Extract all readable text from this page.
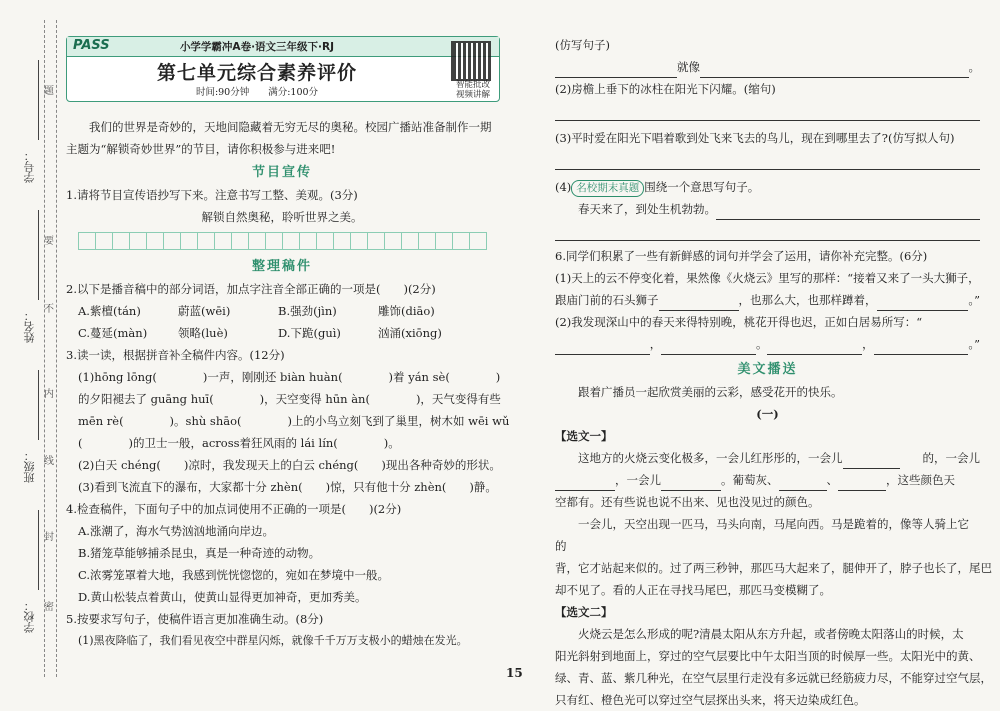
学号：
姓名：
班级：
学校：
题
要
不
内
线
封
密
PASS	小学学霸冲A卷·语文三年级下·RJ
第七单元综合素养评价
时间:90分钟　　满分:100分
智能批改
视频讲解

我们的世界是奇妙的，天地间隐藏着无穷无尽的奥秘。校园广播站准备制作一期主题为“解锁奇妙世界”的节目，请你积极参与进来吧!

节目宣传

1.请将节目宣传语抄写下来。注意书写工整、美观。(3分)

解锁自然奥秘，聆听世界之美。

整理稿件

2.以下是播音稿中的部分词语，加点字注音全部正确的一项是(　　)(2分)

A.紫檀(tán)	蔚蓝(wēi)	B.强劲(jìn)	雕饰(diāo)

C.蔓延(màn)	领略(luè)	D.下跪(guì)	汹涌(xiōng)

3.读一读，根据拼音补全稿件内容。(12分)

(1)hōng lōng(　　　　)一声，刚刚还 biàn huàn(　　　　)着 yán sè(　　　　)

的夕阳褪去了 guāng huī(　　　　)，天空变得 hūn àn(　　　　)，天气变得有些

mēn rè(　　　　)。shù shāo(　　　　)上的小鸟立刻飞到了巢里，树木如 wēi wǔ

(　　　　)的卫士一般，across着狂风雨的 lái lín(　　　　)。

(2)白天 chéng(　　)凉时，我发现天上的白云 chéng(　　)现出各种奇妙的形状。

(3)看到飞流直下的瀑布，大家都十分 zhèn(　　)惊，只有他十分 zhèn(　　)静。

4.检查稿件，下面句子中的加点词使用不正确的一项是(　　)(2分)

A.涨潮了，海水气势汹汹地涌向岸边。

B.猪笼草能够捕杀昆虫，真是一种奇迹的动物。

C.浓雾笼罩着大地，我感到恍恍惚惚的，宛如在梦境中一般。

D.黄山松装点着黄山，使黄山显得更加神奇，更加秀美。

5.按要求写句子，使稿件语言更加准确生动。(8分)

(1)黑夜降临了，我们看见夜空中群星闪烁，就像千千万万支极小的蜡烛在发光。

(仿写句子)

就像	。

(2)房檐上垂下的冰柱在阳光下闪耀。(缩句)

(3)平时爱在阳光下唱着歌到处飞来飞去的鸟儿，现在到哪里去了?(仿写拟人句)

(4) 名校期末真题 围绕一个意思写句子。

春天来了，到处生机勃勃。

6.同学们积累了一些有新鲜感的词句并学会了运用，请你补充完整。(6分)

(1)天上的云不停变化着，果然像《火烧云》里写的那样：“接着又来了一头大狮子，

跟庙门前的石头狮子	，也那么大，也那样蹲着，	。”

(2)我发现深山中的春天来得特别晚，桃花开得也迟，正如白居易所写：“

，	。	，	。”

美文播送

跟着广播员一起欣赏美丽的云彩，感受花开的快乐。

(一)

【选文一】

这地方的火烧云变化极多，一会儿红彤彤的，一会儿	的，一会儿

，一会儿	。葡萄灰、	、	，这些颜色天

空都有。还有些说也说不出来、见也没见过的颜色。

一会儿，天空出现一匹马，马头向南，马尾向西。马是跪着的，像等人骑上它的

背，它才站起来似的。过了两三秒钟，那匹马大起来了，腿伸开了，脖子也长了，尾巴

却不见了。看的人正在寻找马尾巴，那匹马变模糊了。

【选文二】

火烧云是怎么形成的呢?清晨太阳从东方升起，或者傍晚太阳落山的时候，太

阳光斜射到地面上，穿过的空气层要比中午太阳当顶的时候厚一些。太阳光中的黄、

绿、青、蓝、紫几种光，在空气层里行走没有多远就已经筋疲力尽，不能穿过空气层，

只有红、橙色光可以穿过空气层探出头来，将天边染成红色。

15
